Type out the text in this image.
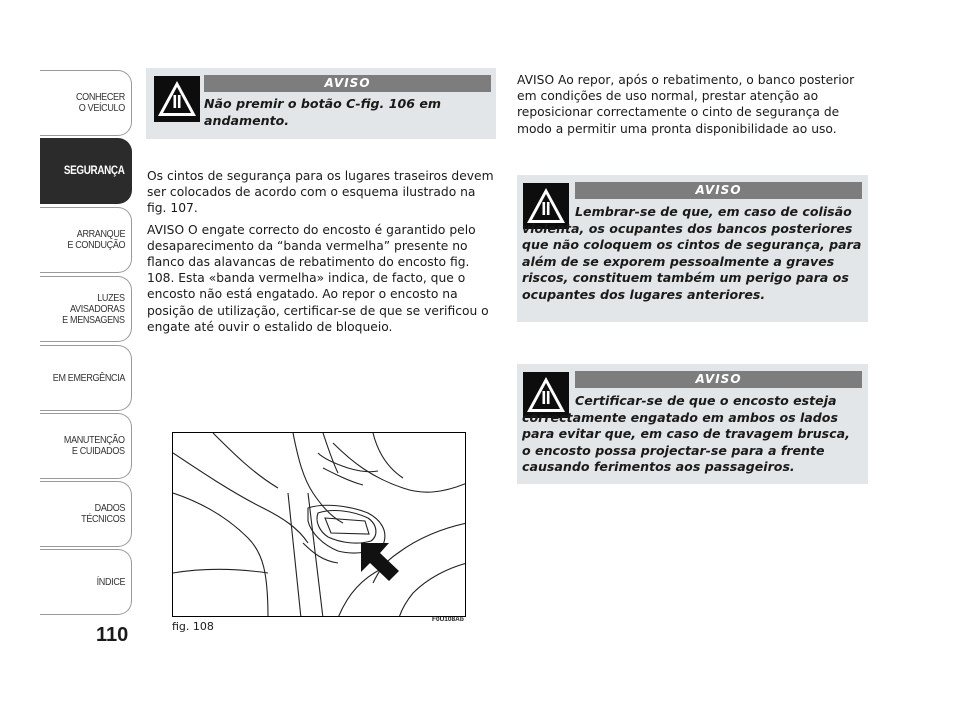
CONHECER
O VEÍCULO
SEGURANÇA
ARRANQUE
E CONDUÇÃO
LUZES
AVISADORAS
E MENSAGENS
EM EMERGÊNCIA
MANUTENÇÃO
E CUIDADOS
DADOS
TÉCNICOS
ÍNDICE
110
AVISO
Não premir o botão C-fig. 106 em andamento.

Os cintos de segurança para os lugares traseiros devem ser colocados de acordo com o esquema ilustrado na fig. 107.

AVISO O engate correcto do encosto é garantido pelo desaparecimento da “banda vermelha” presente no flanco das alavancas de rebatimento do encosto fig. 108. Esta «banda vermelha» indica, de facto, que o encosto não está engatado. Ao repor o encosto na posição de utilização, certificar-se de que se verificou o engate até ouvir o estalido de bloqueio.

fig. 108
F0U108Ab

AVISO Ao repor, após o rebatimento, o banco posterior em condições de uso normal, prestar atenção ao reposicionar correctamente o cinto de segurança de modo a permitir uma pronta disponibilidade ao uso.

AVISO
Lembrar-se de que, em caso de colisão violenta, os ocupantes dos bancos posteriores que não coloquem os cintos de segurança, para além de se exporem pessoalmente a graves riscos, constituem também um perigo para os ocupantes dos lugares anteriores.
AVISO
Certificar-se de que o encosto esteja correctamente engatado em ambos os lados para evitar que, em caso de travagem brusca, o encosto possa projectar-se para a frente causando ferimentos aos passageiros.
